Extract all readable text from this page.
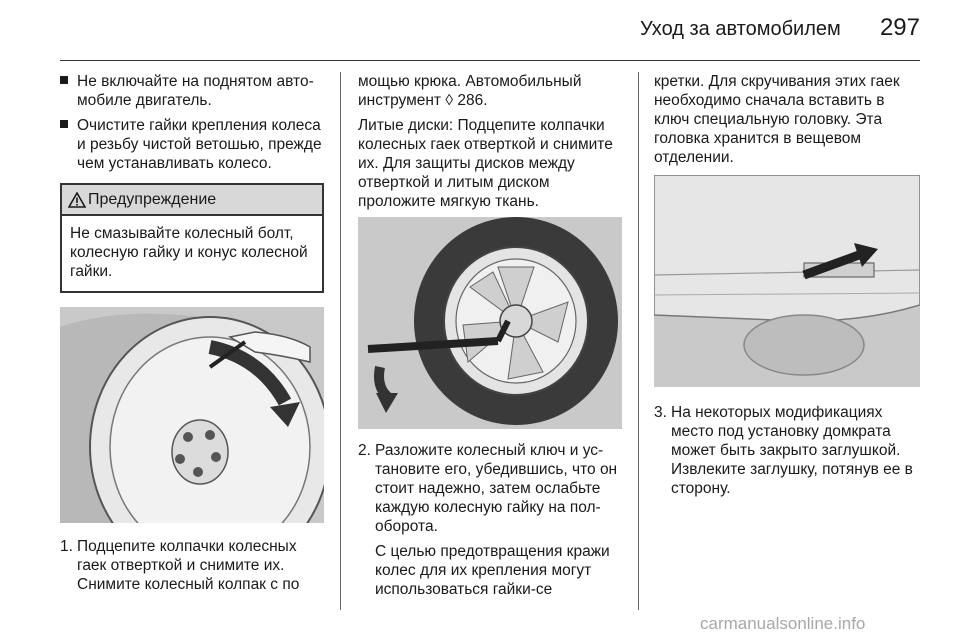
Уход за автомобилем 297
Не включайте на поднятом автомобиле двигатель.
Очистите гайки крепления колеса и резьбу чистой ветошью, прежде чем устанавливать колесо.
Предупреждение
Не смазывайте колесный болт, колесную гайку и конус колесной гайки.
1. Подцепите колпачки колесных гаек отверткой и снимите их. Снимите колесный колпак с по

мощью крюка. Автомобильный инструмент ◊ 286.

Литые диски: Подцепите колпачки колесных гаек отверткой и снимите их. Для защиты дисков между отверткой и литым диском проложите мягкую ткань.

2. Разложите колесный ключ и установите его, убедившись, что он стоит надежно, затем ослабьте каждую колесную гайку на пол-оборота.

С целью предотвращения кражи колес для их крепления могут использоваться гайки-се

кретки. Для скручивания этих гаек необходимо сначала вставить в ключ специальную головку. Эта головка хранится в вещевом отделении.

3. На некоторых модификациях место под установку домкрата может быть закрыто заглушкой. Извлеките заглушку, потянув ее в сторону.
carmanualsonline.info
